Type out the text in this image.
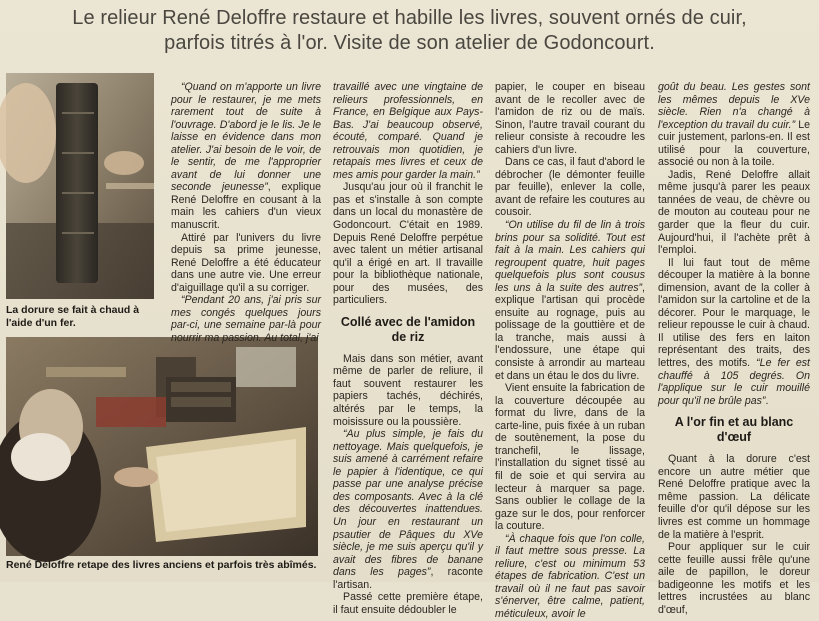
Le relieur René Deloffre restaure et habille les livres, souvent ornés de cuir,
parfois titrés à l'or. Visite de son atelier de Godoncourt.
La dorure se fait à chaud à l'aide d'un fer.
René Deloffre retape des livres anciens et parfois très abîmés.

“Quand on m'apporte un livre pour le restaurer, je me mets rarement tout de suite à l'ouvrage. D'abord je le lis. Je le laisse en évidence dans mon atelier. J'ai besoin de le voir, de le sentir, de me l'approprier avant de lui donner une seconde jeunesse”, explique René Deloffre en cousant à la main les cahiers d'un vieux manuscrit.

Attiré par l'univers du livre depuis sa prime jeunesse, René Deloffre a été éducateur dans une autre vie. Une erreur d'aiguillage qu'il a su corriger.

“Pendant 20 ans, j'ai pris sur mes congés quelques jours par-ci, une semaine par-là pour nourrir ma passion. Au total, j'ai

travaillé avec une vingtaine de relieurs professionnels, en France, en Belgique aux Pays-Bas. J'ai beaucoup observé, écouté, comparé. Quand je retrouvais mon quotidien, je retapais mes livres et ceux de mes amis pour garder la main.”

Jusqu'au jour où il franchit le pas et s'installe à son compte dans un local du monastère de Godoncourt. C'était en 1989. Depuis René Deloffre perpétue avec talent un métier artisanal qu'il a érigé en art. Il travaille pour la bibliothèque nationale, pour des musées, des particuliers.

Collé avec de l'amidon de riz

Mais dans son métier, avant même de parler de reliure, il faut souvent restaurer les papiers tachés, déchirés, altérés par le temps, la moisissure ou la poussière.

“Au plus simple, je fais du nettoyage. Mais quelquefois, je suis amené à carrément refaire le papier à l'identique, ce qui passe par une analyse précise des composants. Avec à la clé des découvertes inattendues. Un jour en restaurant un psautier de Pâques du XVe siècle, je me suis aperçu qu'il y avait des fibres de banane dans les pages”, raconte l'artisan.

Passé cette première étape, il faut ensuite dédoubler le

papier, le couper en biseau avant de le recoller avec de l'amidon de riz ou de maïs. Sinon, l'autre travail courant du relieur consiste à recoudre les cahiers d'un livre.

Dans ce cas, il faut d'abord le débrocher (le démonter feuille par feuille), enlever la colle, avant de refaire les coutures au cousoir.

“On utilise du fil de lin à trois brins pour sa solidité. Tout est fait à la main. Les cahiers qui regroupent quatre, huit pages quelquefois plus sont cousus les uns à la suite des autres”, explique l'artisan qui procède ensuite au rognage, puis au polissage de la gouttière et de la tranche, mais aussi à l'endossure, une étape qui consiste à arrondir au marteau et dans un étau le dos du livre.

Vient ensuite la fabrication de la couverture découpée au format du livre, dans de la carte-line, puis fixée à un ruban de soutènement, la pose du tranchefil, le lissage, l'installation du signet tissé au fil de soie et qui servira au lecteur à marquer sa page. Sans oublier le collage de la gaze sur le dos, pour renforcer la couture.

“À chaque fois que l'on colle, il faut mettre sous presse. La reliure, c'est ou minimum 53 étapes de fabrication. C'est un travail où il ne faut pas savoir s'énerver, être calme, patient, méticuleux, avoir le

goût du beau. Les gestes sont les mêmes depuis le XVe siècle. Rien n'a changé à l'exception du travail du cuir.” Le cuir justement, parlons-en. Il est utilisé pour la couverture, associé ou non à la toile.

Jadis, René Deloffre allait même jusqu'à parer les peaux tannées de veau, de chèvre ou de mouton au couteau pour ne garder que la fleur du cuir. Aujourd'hui, il l'achète prêt à l'emploi.

Il lui faut tout de même découper la matière à la bonne dimension, avant de la coller à l'amidon sur la cartoline et de la décorer. Pour le marquage, le relieur repousse le cuir à chaud. Il utilise des fers en laiton représentant des traits, des lettres, des motifs. “Le fer est chauffé à 105 degrés. On l'applique sur le cuir mouillé pour qu'il ne brûle pas”.

A l'or fin et au blanc d'œuf

Quant à la dorure c'est encore un autre métier que René Deloffre pratique avec la même passion. La délicate feuille d'or qu'il dépose sur les livres est comme un hommage de la matière à l'esprit.

Pour appliquer sur le cuir cette feuille aussi frêle qu'une aile de papillon, le doreur badigeonne les motifs et les lettres incrustées au blanc d'œuf,
